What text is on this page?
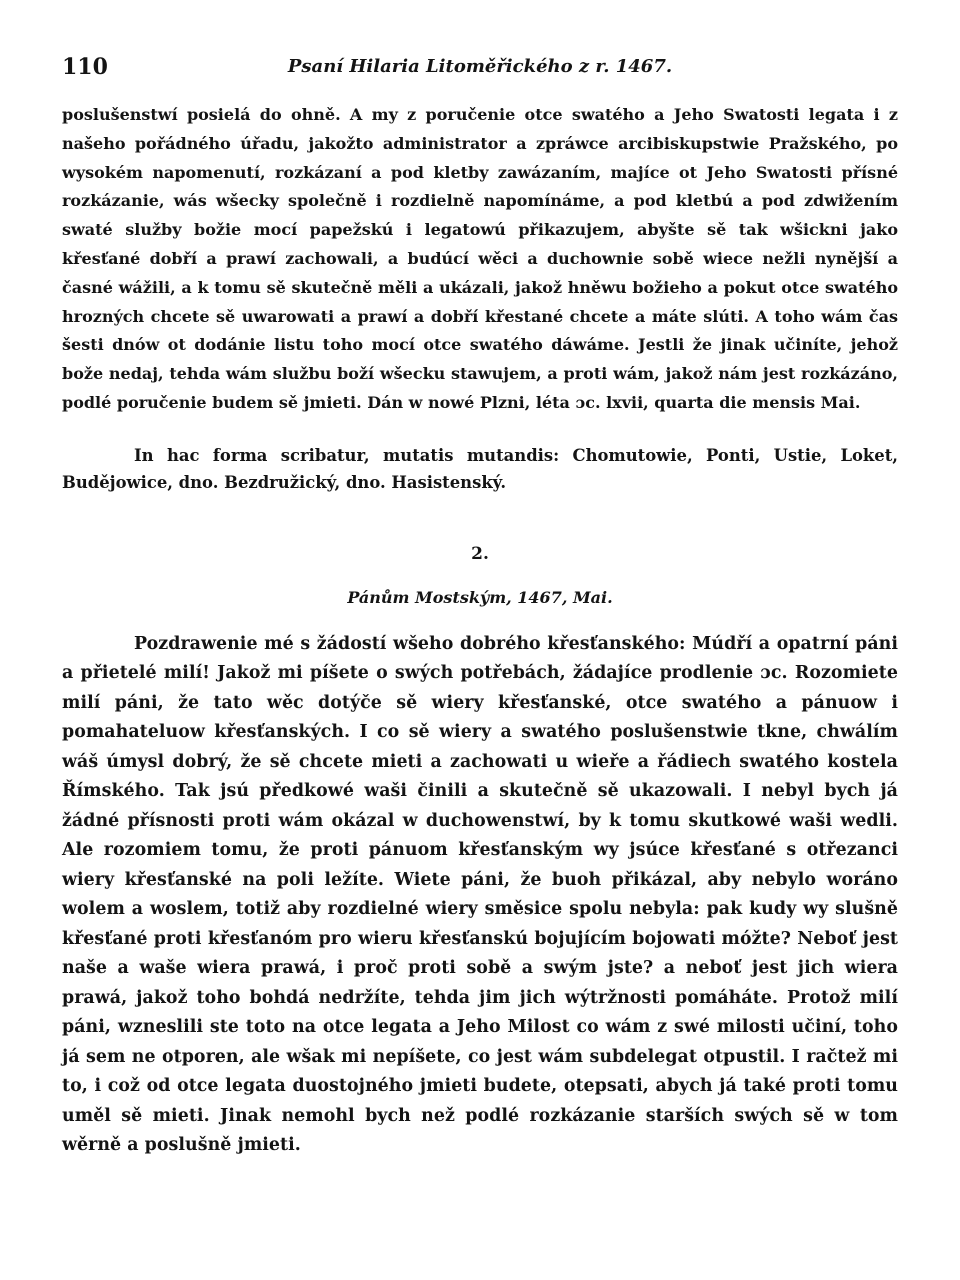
110	Psaní Hilaria Litoměřického z r. 1467.

poslušenstwí posielá do ohně. A my z poručenie otce swatého a Jeho Swatosti legata i z našeho pořádného úřadu, jakožto administrator a zpráwce arcibiskupstwie Pražského, po wysokém napomenutí, rozkázaní a pod kletby zawázaním, majíce ot Jeho Swatosti přísné rozkázanie, wás wšecky společně i rozdielně napomínáme, a pod kletbú a pod zdwižením swaté služby božie mocí papežskú i legatowú přikazujem, abyšte sě tak wšickni jako křesťané dobří a prawí zachowali, a budúcí wěci a duchownie sobě wiece nežli nynější a časné wážili, a k tomu sě skutečně měli a ukázali, jakož hněwu božieho a pokut otce swatého hrozných chcete sě uwarowati a prawí a dobří křestané chcete a máte slúti. A toho wám čas šesti dnów ot dodánie listu toho mocí otce swatého dáwáme. Jestli že jinak učiníte, jehož bože nedaj, tehda wám službu boží wšecku stawujem, a proti wám, jakož nám jest rozkázáno, podlé poručenie budem sě jmieti. Dán w nowé Plzni, léta ɔc. lxvii, quarta die mensis Mai.

In hac forma scribatur, mutatis mutandis: Chomutowie, Ponti, Ustie, Loket, Budějowice, dno. Bezdružický, dno. Hasistenský.

2.
Pánům Mostským, 1467, Mai.

Pozdrawenie mé s žádostí wšeho dobrého křesťanského: Múdří a opatrní páni a přietelé milí! Jakož mi píšete o swých potřebách, žádajíce prodlenie ɔc. Rozomiete milí páni, že tato wěc dotýče sě wiery křesťanské, otce swatého a pánuow i pomahateluow křesťanských. I co sě wiery a swatého poslušenstwie tkne, chwálím wáš úmysl dobrý, že sě chcete mieti a zachowati u wieře a řádiech swatého kostela Římského. Tak jsú předkowé waši činili a skutečně sě ukazowali. I nebyl bych já žádné přísnosti proti wám okázal w duchowenstwí, by k tomu skutkowé waši wedli. Ale rozomiem tomu, že proti pánuom křesťanským wy jsúce křesťané s otřezanci wiery křesťanské na poli ležíte. Wiete páni, že buoh přikázal, aby nebylo woráno wolem a woslem, totiž aby rozdielné wiery směsice spolu nebyla: pak kudy wy slušně křesťané proti křesťanóm pro wieru křesťanskú bojujícím bojowati móžte? Neboť jest naše a waše wiera prawá, i proč proti sobě a swým jste? a neboť jest jich wiera prawá, jakož toho bohdá nedržíte, tehda jim jich wýtržnosti pomáháte. Protož milí páni, wzneslili ste toto na otce legata a Jeho Milost co wám z swé milosti učiní, toho já sem ne otporen, ale wšak mi nepíšete, co jest wám subdelegat otpustil. I račtež mi to, i což od otce legata duostojného jmieti budete, otepsati, abych já také proti tomu uměl sě mieti. Jinak nemohl bych než podlé rozkázanie starších swých sě w tom wěrně a poslušně jmieti.
